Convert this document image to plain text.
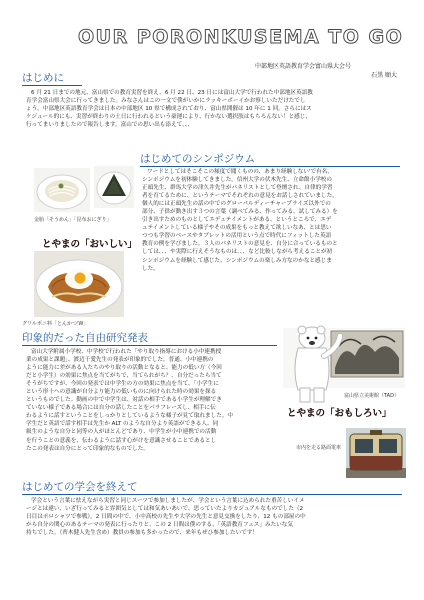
OUR PORONKUSEMA TO GO
中部地区英語教育学会富山県大会号
石黒 順大
はじめに
6 月 21 日までの地元、富山県での教育実習を終え、6 月 22 日、23 日には富山大学で行われた中部地区英語教
育学会富山県大会に行ってきました。みなさんはこの一文で僕がいかにラッキーボーイかお察しいただけたでし
ょう。中部地区英語教育学会は日本の中部地区 10 県で構成されており、富山県開催は 10 年に 1 回。さらにはス
ケジュール的にも、実習が終わりの土日に行われるという豪運により、行かない選択肢はもちろんない！と感じ、
行ってまいりましたので報告します。富山での思い出も添えて、、、
金胎「そうめん」「昆布おにぎり」
とやまの「おいしい」
グリルポニ料「とんかつ'W」
はじめてのシンポジウム
ワードとしてはそこそこの頻度で聞くものの、あまり経験しない'で有名、
シンポジウムを初体験してきました。信州大学の伏木先生、立命館小学校の
正頭先生、群馬大学の津久井先生がパネリストとして登壇され、自律的学習
者を育てるために、というテーマでそれぞれの意見をお話しされていました。
個人的には正頭先生の話の中でのグローバルディーチャープライズ以外での
部分、子供が動き出す３つの言葉（調べてみる、作ってみる、試してみる）を
引き出すためのものとしてエデュテイメントがある、というところで、エデ
ュテイメントしている様子やその成果をもっと教えて欲しいなあ、とは思い
つつも学習のベースやタブレットの活用という点で時代にフィットした英語
教育の例を学びました。３人のパネリストの意見を、自分に合っているものと
しては、、、や実際に行えそうなものは、、、など比較しながら考えることが初
シンポジウムを経験して感じた、シンポジウムの楽しみ方なのかなと感じま
した。
印象的だった自由研究発表
富山大学附属小学校、中学校で行われた「やり取り指導における小中連携授
業の成果と課題」、渡辺千愛先生の発表が印象的でした。普通、小中連携の
ように能力に差がある人たちのやり取りの活動となると、能力の低い方（今回
だと小学生）の効果に焦点を当てがちで、当てられがち？、自分だったら当て
そうがちですが、今回の発表では中学生の方の効果に焦点を当て、「小学生に
という形十への意識が自分より能力の低いものに向けられた時の効果を探る
というものでした。動画の中で中学生は、対話の相手である小学生が理解でき
ていない様子である場合には自分の話したことをパラフレーズし、相手に伝
わるように話すということをしっかりとしているような様子が見て取れました。中
学生だと英語で話す相手は先生か ALT のような自分より英語ができる人、同
級生のような自分と同等の人がほとんどであり、中学生が小中連携での活動
を行うことの意義を、伝わるように話す心がけを意識させることであるとし
たこの発表は自分にとって印象的なものでした。
富山県立美術館（TAD）
とやまの「おもしろい」
市内を走る路面電車
はじめての学会を終えて
学会という言葉に怯えながら実習と同じスーツで参加しましたが、学会という言葉に込められた重苦しいイメ
ージとは違い、いざ行ってみると雰囲気としては和気あいあいで、思っていたよりカジュアルなものでした（2
日目はポロシャツで参戦）。2 日間の中で、小中高校の先生や大学の先生と意見交換をしたり、12 もの部屋の中
から自分の関心のあるテーマの発表に行ったりと、この 2 日間は僕のする、「英語教育フェス」みたいな気
持ちでした。（齊木健人先生含め）教員の参加も多かったので、来年もぜひ参加したいです！
